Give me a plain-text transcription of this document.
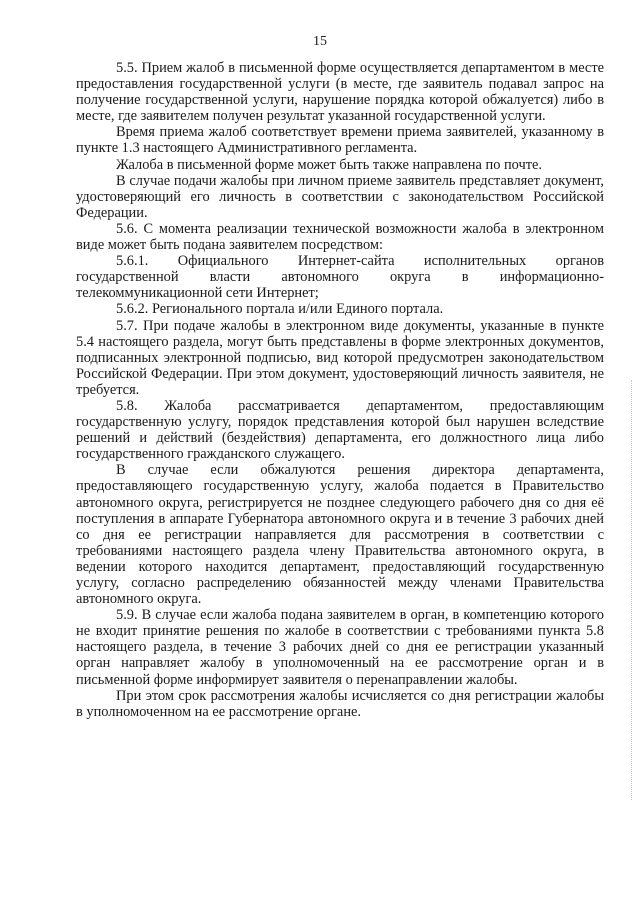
15

5.5. Прием жалоб в письменной форме осуществляется департаментом в месте предоставления государственной услуги (в месте, где заявитель подавал запрос на получение государственной услуги, нарушение порядка которой обжалуется) либо в месте, где заявителем получен результат указанной государственной услуги.

Время приема жалоб соответствует времени приема заявителей, указанному в пункте 1.3 настоящего Административного регламента.

Жалоба в письменной форме может быть также направлена по почте.

В случае подачи жалобы при личном приеме заявитель представляет документ, удостоверяющий его личность в соответствии с законодательством Российской Федерации.

5.6. С момента реализации технической возможности жалоба в электронном виде может быть подана заявителем посредством:

5.6.1. Официального Интернет-сайта исполнительных органов государственной власти автономного округа в информационно-телекоммуникационной сети Интернет;

5.6.2. Регионального портала и/или Единого портала.

5.7. При подаче жалобы в электронном виде документы, указанные в пункте 5.4 настоящего раздела, могут быть представлены в форме электронных документов, подписанных электронной подписью, вид которой предусмотрен законодательством Российской Федерации. При этом документ, удостоверяющий личность заявителя, не требуется.

5.8. Жалоба рассматривается департаментом, предоставляющим государственную услугу, порядок представления которой был нарушен вследствие решений и действий (бездействия) департамента, его должностного лица либо государственного гражданского служащего.

В случае если обжалуются решения директора департамента, предоставляющего государственную услугу, жалоба подается в Правительство автономного округа, регистрируется не позднее следующего рабочего дня со дня её поступления в аппарате Губернатора автономного округа и в течение 3 рабочих дней со дня ее регистрации направляется для рассмотрения в соответствии с требованиями настоящего раздела члену Правительства автономного округа, в ведении которого находится департамент, предоставляющий государственную услугу, согласно распределению обязанностей между членами Правительства автономного округа.

5.9. В случае если жалоба подана заявителем в орган, в компетенцию которого не входит принятие решения по жалобе в соответствии с требованиями пункта 5.8 настоящего раздела, в течение 3 рабочих дней со дня ее регистрации указанный орган направляет жалобу в уполномоченный на ее рассмотрение орган и в письменной форме информирует заявителя о перенаправлении жалобы.

При этом срок рассмотрения жалобы исчисляется со дня регистрации жалобы в уполномоченном на ее рассмотрение органе.
